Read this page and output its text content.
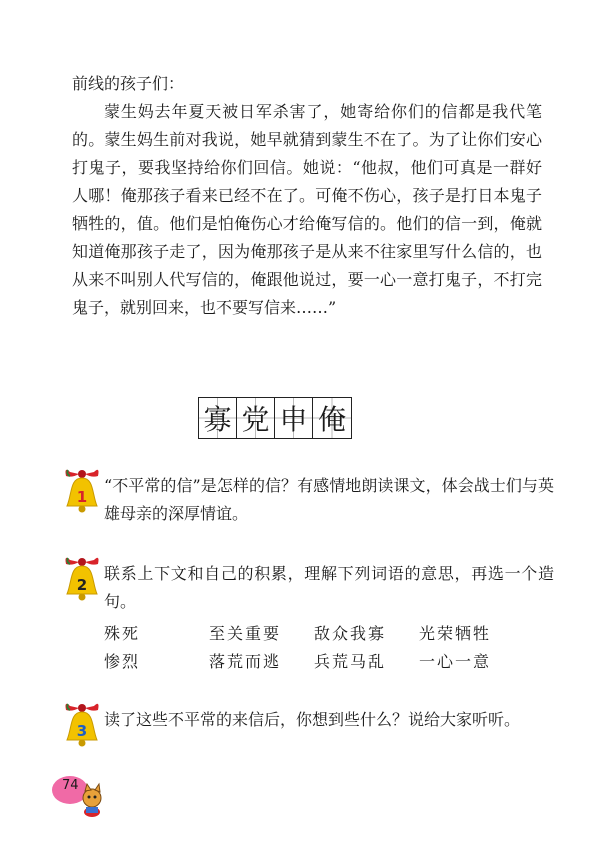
前线的孩子们：

蒙生妈去年夏天被日军杀害了，她寄给你们的信都是我代笔的。蒙生妈生前对我说，她早就猜到蒙生不在了。为了让你们安心打鬼子，要我坚持给你们回信。她说：“他叔，他们可真是一群好人哪！俺那孩子看来已经不在了。可俺不伤心，孩子是打日本鬼子牺牲的，值。他们是怕俺伤心才给俺写信的。他们的信一到，俺就知道俺那孩子走了，因为俺那孩子是从来不往家里写什么信的，也从来不叫别人代写信的，俺跟他说过，要一心一意打鬼子，不打完鬼子，就别回来，也不要写信来……”

寡 党 申 俺
1
“不平常的信”是怎样的信？有感情地朗读课文，体会战士们与英雄母亲的深厚情谊。
2
联系上下文和自己的积累，理解下列词语的意思，再选一个造句。
殊死	至关重要	敌众我寡	光荣牺牲
惨烈	落荒而逃	兵荒马乱	一心一意
3
读了这些不平常的来信后，你想到些什么？说给大家听听。
74
